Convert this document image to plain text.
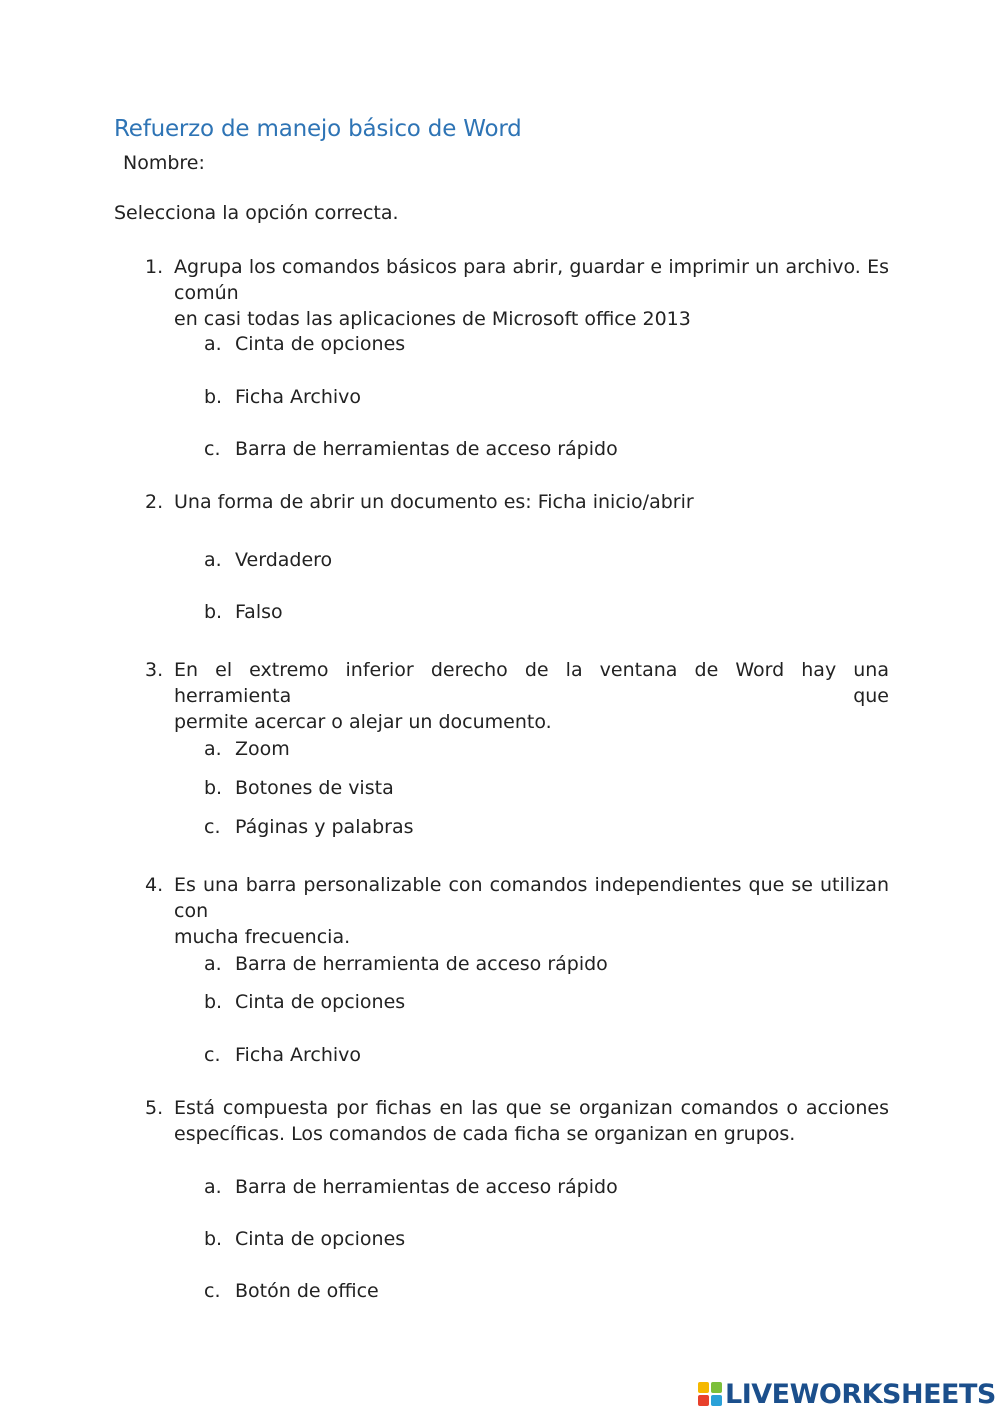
Refuerzo de manejo básico de Word
Nombre:
Selecciona la opción correcta.
1. Agrupa los comandos básicos para abrir, guardar e imprimir un archivo. Es común
en casi todas las aplicaciones de Microsoft office 2013
a. Cinta de opciones
b. Ficha Archivo
c. Barra de herramientas de acceso rápido
2. Una forma de abrir un documento es: Ficha inicio/abrir
a. Verdadero
b. Falso
3. En el extremo inferior derecho de la ventana de Word hay una herramienta que
permite acercar o alejar un documento.
a. Zoom
b. Botones de vista
c. Páginas y palabras
4. Es una barra personalizable con comandos independientes que se utilizan con
mucha frecuencia.
a. Barra de herramienta de acceso rápido
b. Cinta de opciones
c. Ficha Archivo
5. Está compuesta por fichas en las que se organizan comandos o acciones
específicas. Los comandos de cada ficha se organizan en grupos.
a. Barra de herramientas de acceso rápido
b. Cinta de opciones
c. Botón de office
LIVEWORKSHEETS
